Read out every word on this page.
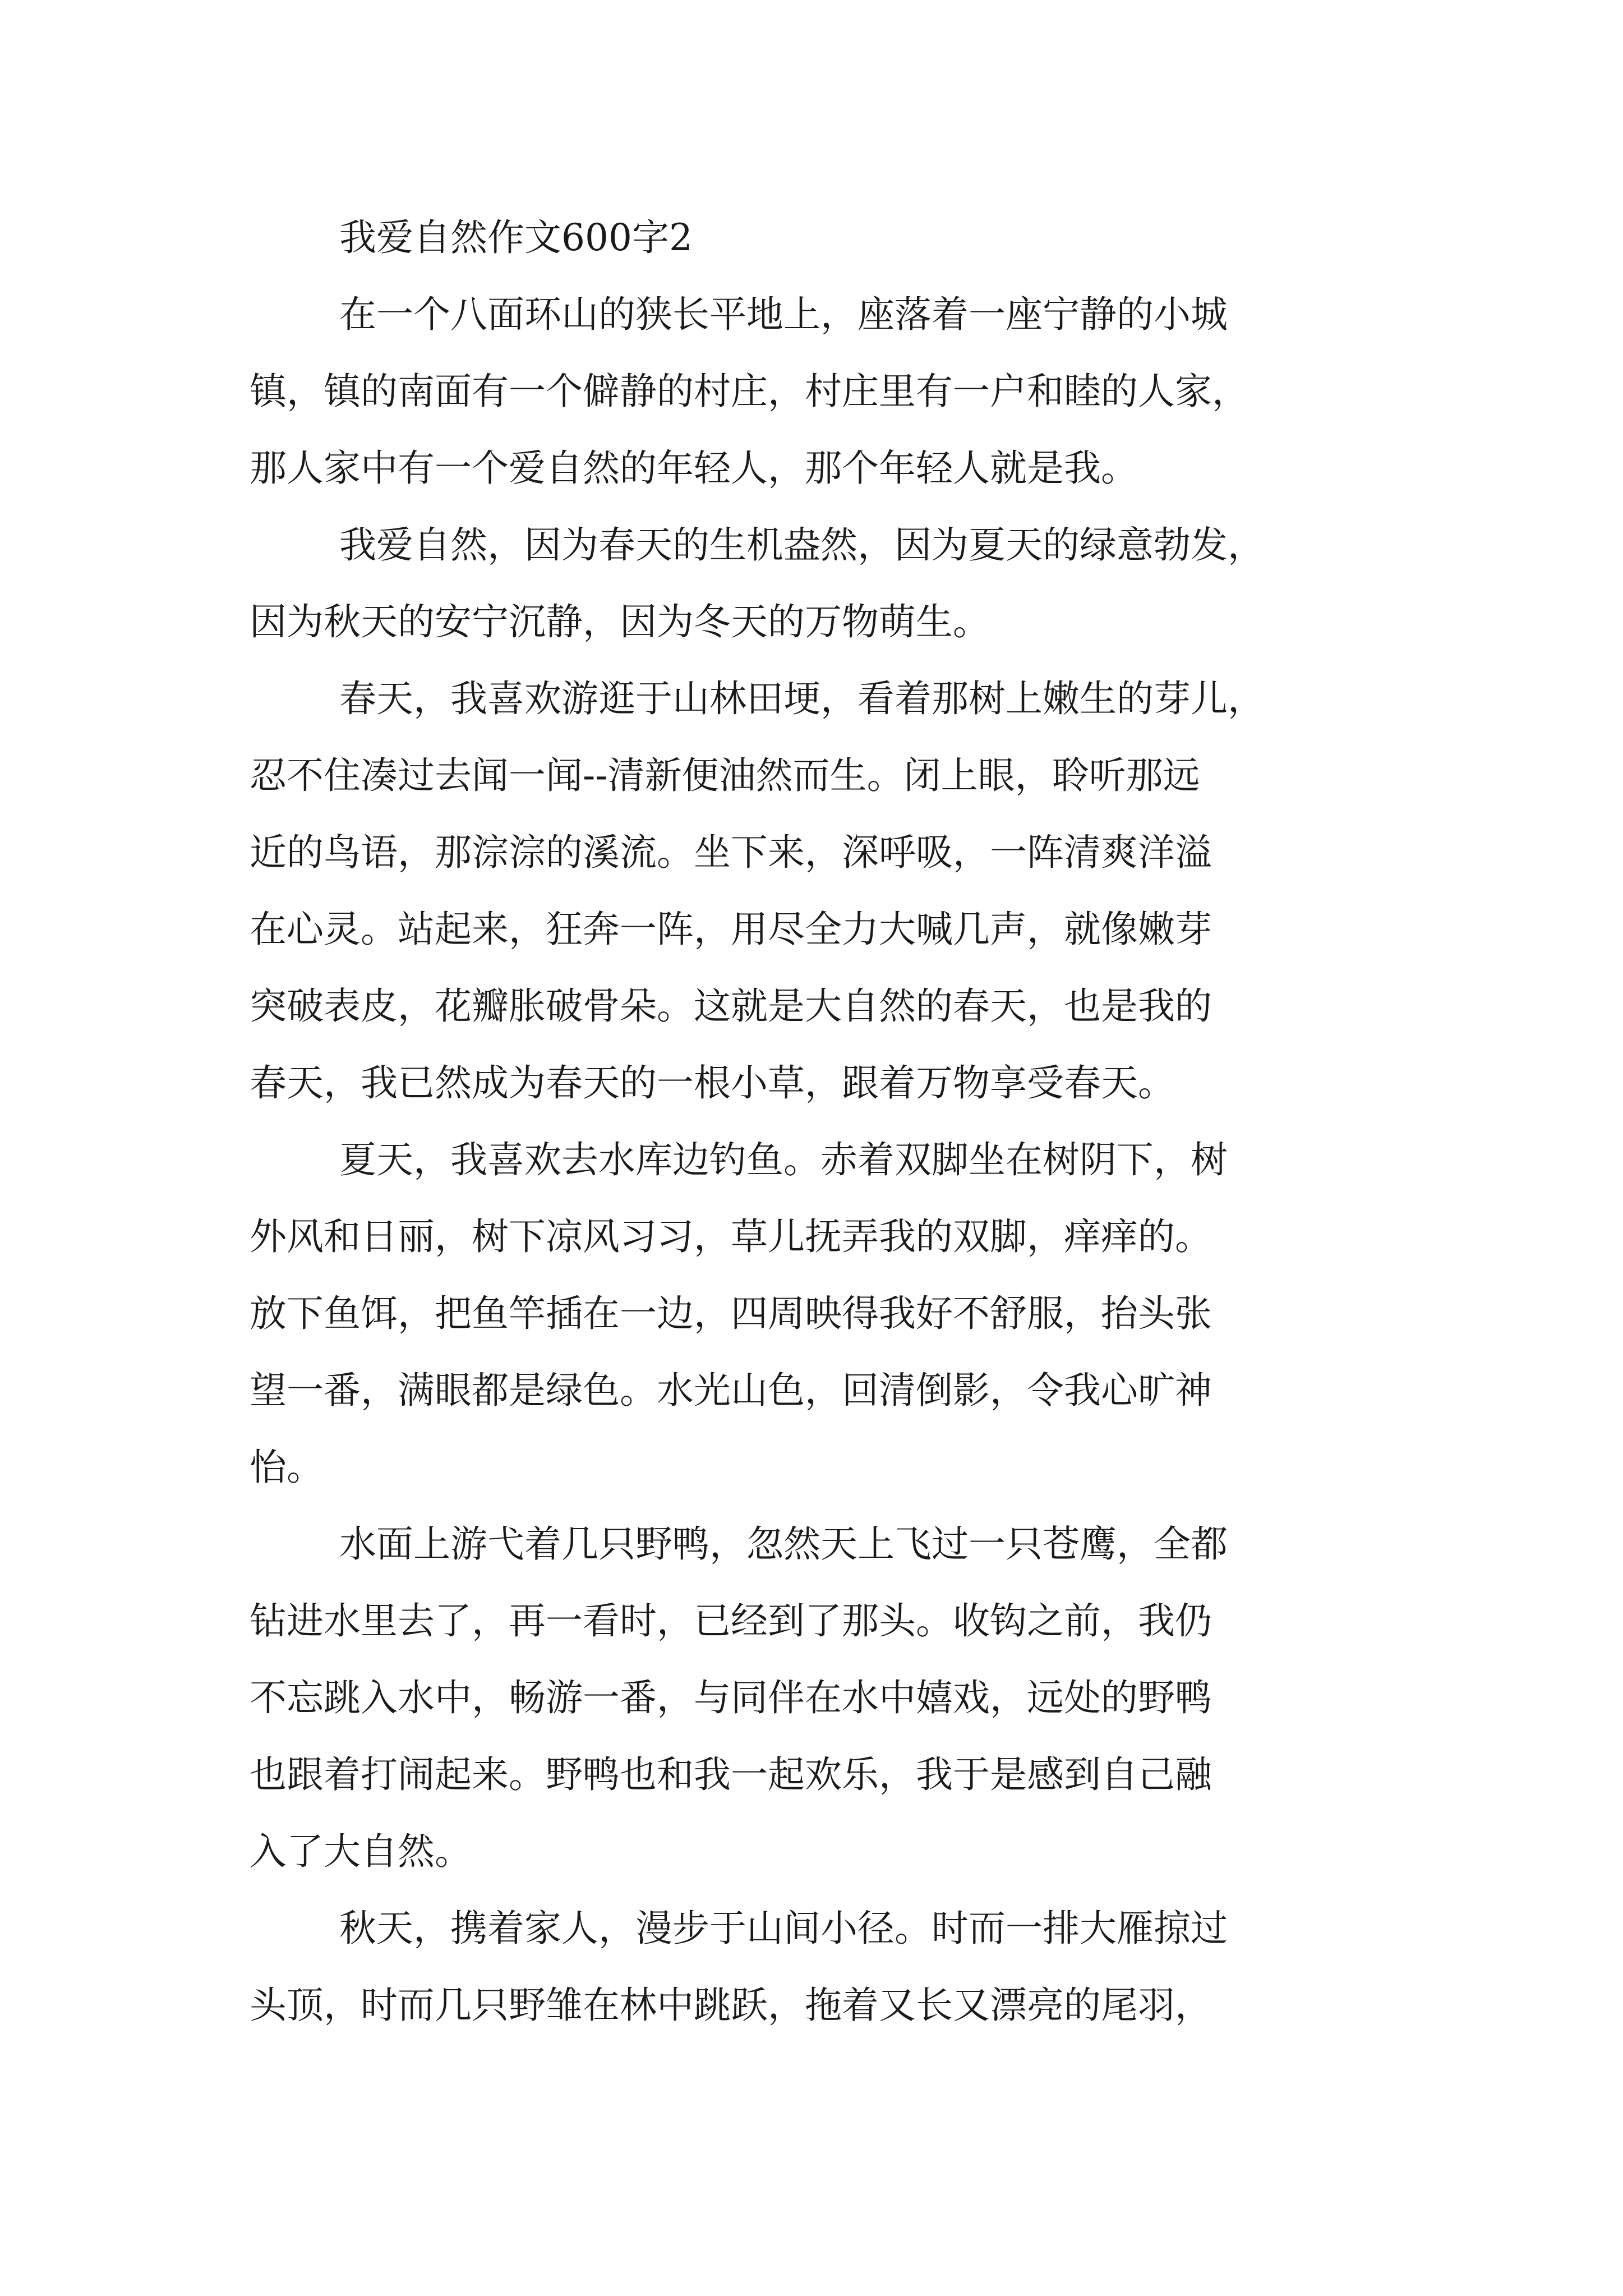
我爱自然作文600字2
在一个八面环山的狭长平地上，座落着一座宁静的小城
镇，镇的南面有一个僻静的村庄，村庄里有一户和睦的人家，
那人家中有一个爱自然的年轻人，那个年轻人就是我。
我爱自然，因为春天的生机盎然，因为夏天的绿意勃发，
因为秋天的安宁沉静，因为冬天的万物萌生。
春天，我喜欢游逛于山林田埂，看着那树上嫩生的芽儿，
忍不住凑过去闻一闻--清新便油然而生。闭上眼，聆听那远
近的鸟语，那淙淙的溪流。坐下来，深呼吸，一阵清爽洋溢
在心灵。站起来，狂奔一阵，用尽全力大喊几声，就像嫩芽
突破表皮，花瓣胀破骨朵。这就是大自然的春天，也是我的
春天，我已然成为春天的一根小草，跟着万物享受春天。
夏天，我喜欢去水库边钓鱼。赤着双脚坐在树阴下，树
外风和日丽，树下凉风习习，草儿抚弄我的双脚，痒痒的。
放下鱼饵，把鱼竿插在一边，四周映得我好不舒服，抬头张
望一番，满眼都是绿色。水光山色，回清倒影，令我心旷神
怡。
水面上游弋着几只野鸭，忽然天上飞过一只苍鹰，全都
钻进水里去了，再一看时，已经到了那头。收钩之前，我仍
不忘跳入水中，畅游一番，与同伴在水中嬉戏，远处的野鸭
也跟着打闹起来。野鸭也和我一起欢乐，我于是感到自己融
入了大自然。
秋天，携着家人，漫步于山间小径。时而一排大雁掠过
头顶，时而几只野雏在林中跳跃，拖着又长又漂亮的尾羽，
